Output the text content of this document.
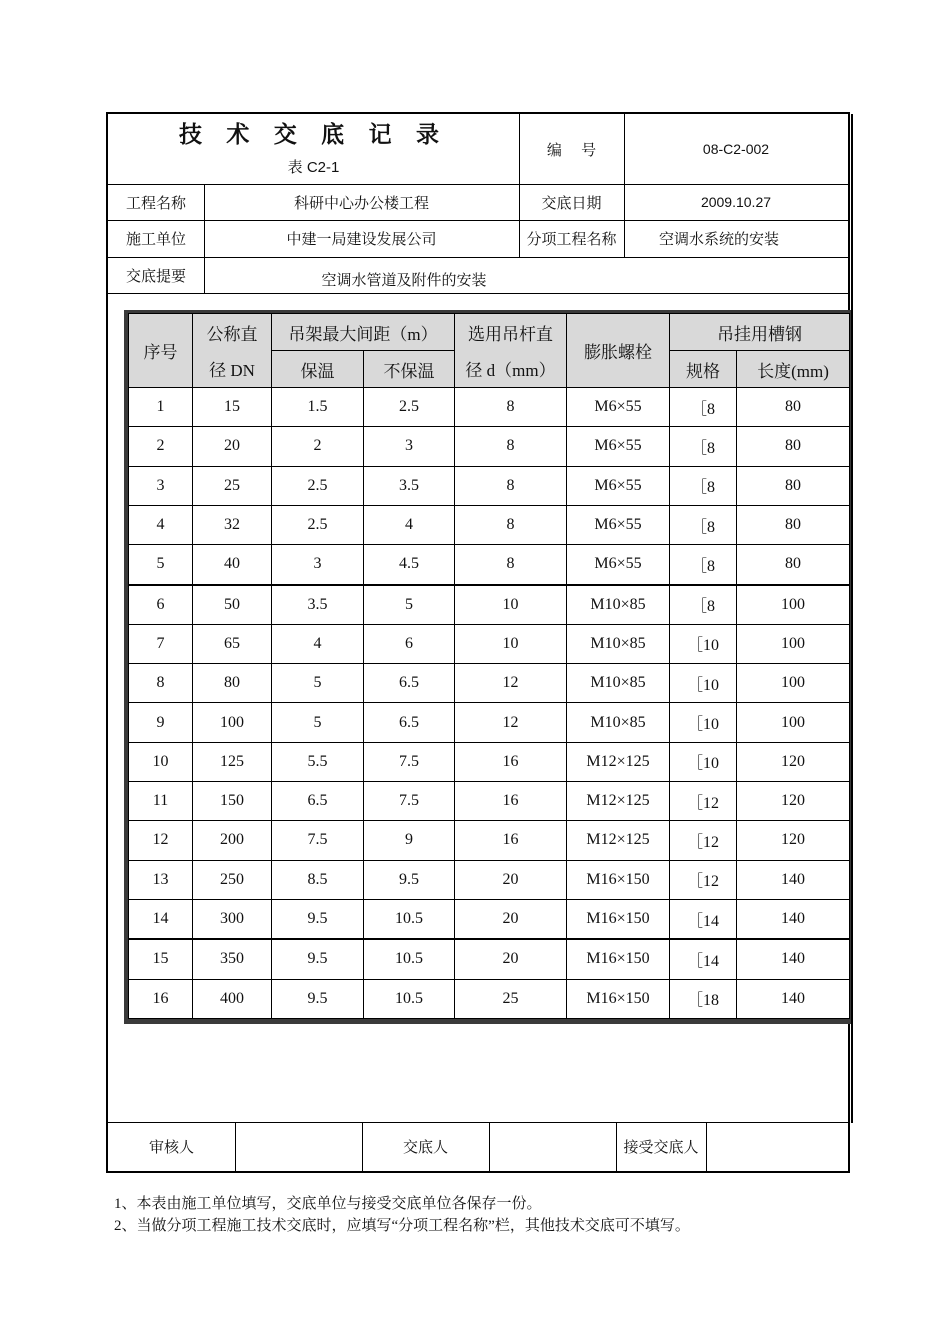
技 术 交 底 记 录
表 C2-1
编　 号	08-C2-002
工程名称	科研中心办公楼工程	交底日期	2009.10.27
施工单位	中建一局建设发展公司	分项工程名称	空调水系统的安装
交底提要	空调水管道及附件的安装
序号	公称直	吊架最大间距（m）		选用吊杆直	膨胀螺栓	吊挂用槽钢	
	径 DN	保温	不保温	径 d（mm）		规格	长度(mm)
1	15	1.5	2.5	8	M6×55	［8	80
2	20	2	3	8	M6×55	［8	80
3	25	2.5	3.5	8	M6×55	［8	80
4	32	2.5	4	8	M6×55	［8	80
5	40	3	4.5	8	M6×55	［8	80
6	50	3.5	5	10	M10×85	［8	100
7	65	4	6	10	M10×85	［10	100
8	80	5	6.5	12	M10×85	［10	100
9	100	5	6.5	12	M10×85	［10	100
10	125	5.5	7.5	16	M12×125	［10	120
11	150	6.5	7.5	16	M12×125	［12	120
12	200	7.5	9	16	M12×125	［12	120
13	250	8.5	9.5	20	M16×150	［12	140
14	300	9.5	10.5	20	M16×150	［14	140
15	350	9.5	10.5	20	M16×150	［14	140
16	400	9.5	10.5	25	M16×150	［18	140
审核人	交底人	接受交底人
1、本表由施工单位填写，交底单位与接受交底单位各保存一份。
2、当做分项工程施工技术交底时，应填写“分项工程名称”栏，其他技术交底可不填写。
